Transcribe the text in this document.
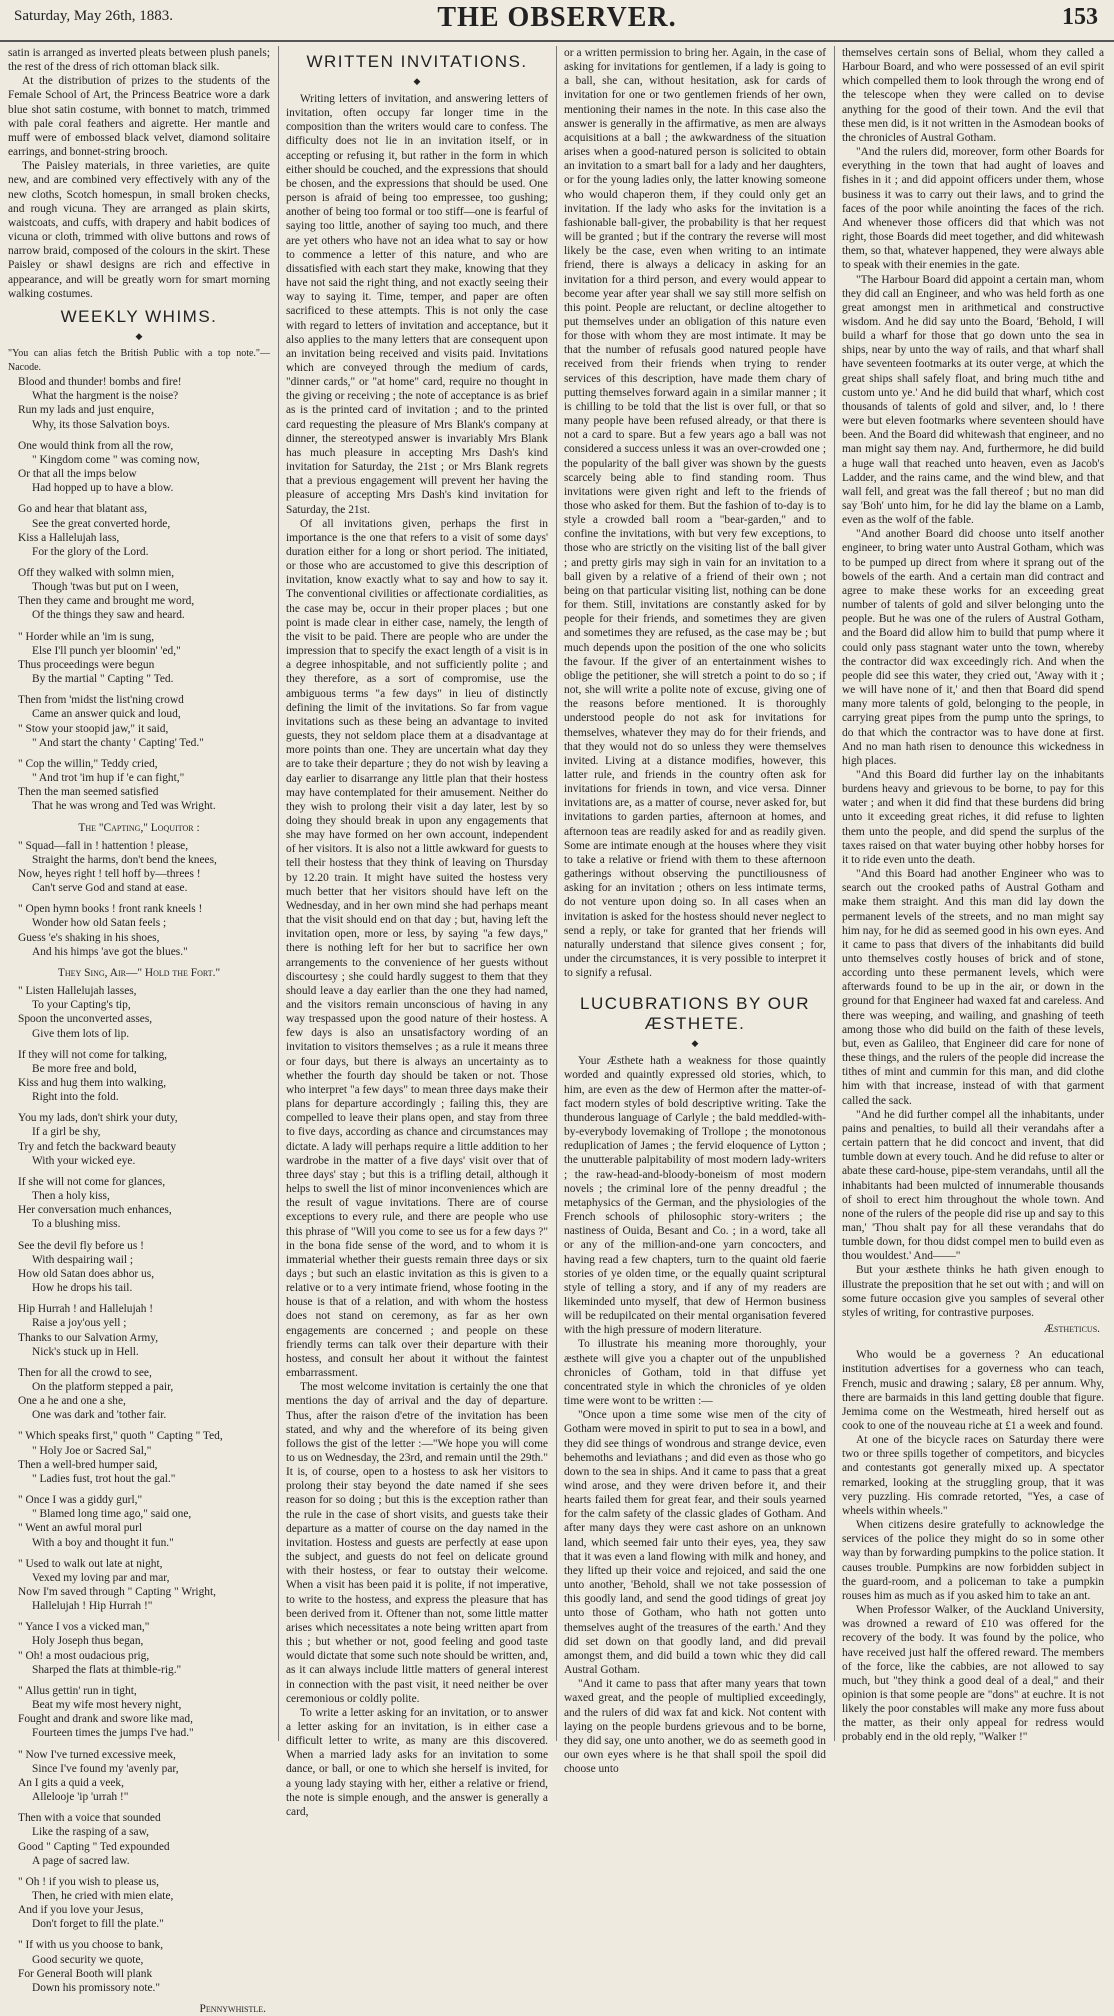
Saturday, May 26th, 1883.	THE OBSERVER.	153

satin is arranged as inverted pleats between plush panels; the rest of the dress of rich ottoman black silk.

At the distribution of prizes to the students of the Female School of Art, the Princess Beatrice wore a dark blue shot satin costume, with bonnet to match, trimmed with pale coral feathers and aigrette. Her mantle and muff were of embossed black velvet, diamond solitaire earrings, and bonnet-string brooch.

The Paisley materials, in three varieties, are quite new, and are combined very effectively with any of the new cloths, Scotch homespun, in small broken checks, and rough vicuna. They are arranged as plain skirts, waistcoats, and cuffs, with drapery and habit bodices of vicuna or cloth, trimmed with olive buttons and rows of narrow braid, composed of the colours in the skirt. These Paisley or shawl designs are rich and effective in appearance, and will be greatly worn for smart morning walking costumes.

WEEKLY WHIMS.
◆

"You can alias fetch the British Public with a top note."—Nacode.

Blood and thunder! bombs and fire!
What the hargment is the noise?
Run my lads and just enquire,
Why, its those Salvation boys.
One would think from all the row,
" Kingdom come " was coming now,
Or that all the imps below
Had hopped up to have a blow.
Go and hear that blatant ass,
See the great converted horde,
Kiss a Hallelujah lass,
For the glory of the Lord.
Off they walked with solmn mien,
Though 'twas but put on I ween,
Then they came and brought me word,
Of the things they saw and heard.
" Horder while an 'im is sung,
Else I'll punch yer bloomin' 'ed,"
Thus proceedings were begun
By the martial " Capting " Ted.
Then from 'midst the list'ning crowd
Came an answer quick and loud,
" Stow your stoopid jaw," it said,
" And start the chanty ' Capting' Ted."
" Cop the willin," Teddy cried,
" And trot 'im hup if 'e can fight,"
Then the man seemed satisfied
That he was wrong and Ted was Wright.
The "Capting," Loquitor :
" Squad—fall in ! hattention ! please,
Straight the harms, don't bend the knees,
Now, heyes right ! tell hoff by—threes !
Can't serve God and stand at ease.
" Open hymn books ! front rank kneels !
Wonder how old Satan feels ;
Guess 'e's shaking in his shoes,
And his himps 'ave got the blues."
They Sing, Air—" Hold the Fort."
" Listen Hallelujah lasses,
To your Capting's tip,
Spoon the unconverted asses,
Give them lots of lip.
If they will not come for talking,
Be more free and bold,
Kiss and hug them into walking,
Right into the fold.
You my lads, don't shirk your duty,
If a girl be shy,
Try and fetch the backward beauty
With your wicked eye.
If she will not come for glances,
Then a holy kiss,
Her conversation much enhances,
To a blushing miss.
See the devil fly before us !
With despairing wail ;
How old Satan does abhor us,
How he drops his tail.
Hip Hurrah ! and Hallelujah !
Raise a joy'ous yell ;
Thanks to our Salvation Army,
Nick's stuck up in Hell.
Then for all the crowd to see,
On the platform stepped a pair,
One a he and one a she,
One was dark and 'tother fair.
" Which speaks first," quoth " Capting " Ted,
" Holy Joe or Sacred Sal,"
Then a well-bred humper said,
" Ladies fust, trot hout the gal."
" Once I was a giddy gurl,"
" Blamed long time ago," said one,
" Went an awful moral purl
With a boy and thought it fun."
" Used to walk out late at night,
Vexed my loving par and mar,
Now I'm saved through " Capting " Wright,
Hallelujah ! Hip Hurrah !"
" Yance I vos a vicked man,"
Holy Joseph thus began,
" Oh! a most oudacious prig,
Sharped the flats at thimble-rig."
" Allus gettin' run in tight,
Beat my wife most hevery night,
Fought and drank and swore like mad,
Fourteen times the jumps I've had."
" Now I've turned excessive meek,
Since I've found my 'avenly par,
An I gits a quid a veek,
Allelooje 'ip 'urrah !"
Then with a voice that sounded
Like the rasping of a saw,
Good " Capting " Ted expounded
A page of sacred law.
" Oh ! if you wish to please us,
Then, he cried with mien elate,
And if you love your Jesus,
Don't forget to fill the plate."
" If with us you choose to bank,
Good security we quote,
For General Booth will plank
Down his promissory note."
Pennywhistle.
WRITTEN INVITATIONS.
◆

Writing letters of invitation, and answering letters of invitation, often occupy far longer time in the composition than the writers would care to confess. The difficulty does not lie in an invitation itself, or in accepting or refusing it, but rather in the form in which either should be couched, and the expressions that should be chosen, and the expressions that should be used. One person is afraid of being too empressee, too gushing; another of being too formal or too stiff—one is fearful of saying too little, another of saying too much, and there are yet others who have not an idea what to say or how to commence a letter of this nature, and who are dissatisfied with each start they make, knowing that they have not said the right thing, and not exactly seeing their way to saying it. Time, temper, and paper are often sacrificed to these attempts. This is not only the case with regard to letters of invitation and acceptance, but it also applies to the many letters that are consequent upon an invitation being received and visits paid. Invitations which are conveyed through the medium of cards, "dinner cards," or "at home" card, require no thought in the giving or receiving ; the note of acceptance is as brief as is the printed card of invitation ; and to the printed card requesting the pleasure of Mrs Blank's company at dinner, the stereotyped answer is invariably Mrs Blank has much pleasure in accepting Mrs Dash's kind invitation for Saturday, the 21st ; or Mrs Blank regrets that a previous engagement will prevent her having the pleasure of accepting Mrs Dash's kind invitation for Saturday, the 21st.

Of all invitations given, perhaps the first in importance is the one that refers to a visit of some days' duration either for a long or short period. The initiated, or those who are accustomed to give this description of invitation, know exactly what to say and how to say it. The conventional civilities or affectionate cordialities, as the case may be, occur in their proper places ; but one point is made clear in either case, namely, the length of the visit to be paid. There are people who are under the impression that to specify the exact length of a visit is in a degree inhospitable, and not sufficiently polite ; and they therefore, as a sort of compromise, use the ambiguous terms "a few days" in lieu of distinctly defining the limit of the invitations. So far from vague invitations such as these being an advantage to invited guests, they not seldom place them at a disadvantage at more points than one. They are uncertain what day they are to take their departure ; they do not wish by leaving a day earlier to disarrange any little plan that their hostess may have contemplated for their amusement. Neither do they wish to prolong their visit a day later, lest by so doing they should break in upon any engagements that she may have formed on her own account, independent of her visitors. It is also not a little awkward for guests to tell their hostess that they think of leaving on Thursday by 12.20 train. It might have suited the hostess very much better that her visitors should have left on the Wednesday, and in her own mind she had perhaps meant that the visit should end on that day ; but, having left the invitation open, more or less, by saying "a few days," there is nothing left for her but to sacrifice her own arrangements to the convenience of her guests without discourtesy ; she could hardly suggest to them that they should leave a day earlier than the one they had named, and the visitors remain unconscious of having in any way trespassed upon the good nature of their hostess. A few days is also an unsatisfactory wording of an invitation to visitors themselves ; as a rule it means three or four days, but there is always an uncertainty as to whether the fourth day should be taken or not. Those who interpret "a few days" to mean three days make their plans for departure accordingly ; failing this, they are compelled to leave their plans open, and stay from three to five days, according as chance and circumstances may dictate. A lady will perhaps require a little addition to her wardrobe in the matter of a five days' visit over that of three days' stay ; but this is a trifling detail, although it helps to swell the list of minor inconveniences which are the result of vague invitations. There are of course exceptions to every rule, and there are people who use this phrase of "Will you come to see us for a few days ?" in the bona fide sense of the word, and to whom it is immaterial whether their guests remain three days or six days ; but such an elastic invitation as this is given to a relative or to a very intimate friend, whose footing in the house is that of a relation, and with whom the hostess does not stand on ceremony, as far as her own engagements are concerned ; and people on these friendly terms can talk over their departure with their hostess, and consult her about it without the faintest embarrassment.

The most welcome invitation is certainly the one that mentions the day of arrival and the day of departure. Thus, after the raison d'etre of the invitation has been stated, and why and the wherefore of its being given follows the gist of the letter :—"We hope you will come to us on Wednesday, the 23rd, and remain until the 29th." It is, of course, open to a hostess to ask her visitors to prolong their stay beyond the date named if she sees reason for so doing ; but this is the exception rather than the rule in the case of short visits, and guests take their departure as a matter of course on the day named in the invitation. Hostess and guests are perfectly at ease upon the subject, and guests do not feel on delicate ground with their hostess, or fear to outstay their welcome. When a visit has been paid it is polite, if not imperative, to write to the hostess, and express the pleasure that has been derived from it. Oftener than not, some little matter arises which necessitates a note being written apart from this ; but whether or not, good feeling and good taste would dictate that some such note should be written, and, as it can always include little matters of general interest in connection with the past visit, it need neither be over ceremonious or coldly polite.

To write a letter asking for an invitation, or to answer a letter asking for an invitation, is in either case a difficult letter to write, as many are this discovered. When a married lady asks for an invitation to some dance, or ball, or one to which she herself is invited, for a young lady staying with her, either a relative or friend, the note is simple enough, and the answer is generally a card,

or a written permission to bring her. Again, in the case of asking for invitations for gentlemen, if a lady is going to a ball, she can, without hesitation, ask for cards of invitation for one or two gentlemen friends of her own, mentioning their names in the note. In this case also the answer is generally in the affirmative, as men are always acquisitions at a ball ; the awkwardness of the situation arises when a good-natured person is solicited to obtain an invitation to a smart ball for a lady and her daughters, or for the young ladies only, the latter knowing someone who would chaperon them, if they could only get an invitation. If the lady who asks for the invitation is a fashionable ball-giver, the probability is that her request will be granted ; but if the contrary the reverse will most likely be the case, even when writing to an intimate friend, there is always a delicacy in asking for an invitation for a third person, and every would appear to become year after year shall we say still more selfish on this point. People are reluctant, or decline altogether to put themselves under an obligation of this nature even for those with whom they are most intimate. It may be that the number of refusals good natured people have received from their friends when trying to render services of this description, have made them chary of putting themselves forward again in a similar manner ; it is chilling to be told that the list is over full, or that so many people have been refused already, or that there is not a card to spare. But a few years ago a ball was not considered a success unless it was an over-crowded one ; the popularity of the ball giver was shown by the guests scarcely being able to find standing room. Thus invitations were given right and left to the friends of those who asked for them. But the fashion of to-day is to style a crowded ball room a "bear-garden," and to confine the invitations, with but very few exceptions, to those who are strictly on the visiting list of the ball giver ; and pretty girls may sigh in vain for an invitation to a ball given by a relative of a friend of their own ; not being on that particular visiting list, nothing can be done for them. Still, invitations are constantly asked for by people for their friends, and sometimes they are given and sometimes they are refused, as the case may be ; but much depends upon the position of the one who solicits the favour. If the giver of an entertainment wishes to oblige the petitioner, she will stretch a point to do so ; if not, she will write a polite note of excuse, giving one of the reasons before mentioned. It is thoroughly understood people do not ask for invitations for themselves, whatever they may do for their friends, and that they would not do so unless they were themselves invited. Living at a distance modifies, however, this latter rule, and friends in the country often ask for invitations for friends in town, and vice versa. Dinner invitations are, as a matter of course, never asked for, but invitations to garden parties, afternoon at homes, and afternoon teas are readily asked for and as readily given. Some are intimate enough at the houses where they visit to take a relative or friend with them to these afternoon gatherings without observing the punctiliousness of asking for an invitation ; others on less intimate terms, do not venture upon doing so. In all cases when an invitation is asked for the hostess should never neglect to send a reply, or take for granted that her friends will naturally understand that silence gives consent ; for, under the circumstances, it is very possible to interpret it to signify a refusal.

LUCUBRATIONS BY OUR ÆSTHETE.
◆

Your Æsthete hath a weakness for those quaintly worded and quaintly expressed old stories, which, to him, are even as the dew of Hermon after the matter-of-fact modern styles of bold descriptive writing. Take the thunderous language of Carlyle ; the bald meddled-with-by-everybody lovemaking of Trollope ; the monotonous reduplication of James ; the fervid eloquence of Lytton ; the unutterable palpitability of most modern lady-writers ; the raw-head-and-bloody-boneism of most modern novels ; the criminal lore of the penny dreadful ; the metaphysics of the German, and the physiologies of the French schools of philosophic story-writers ; the nastiness of Ouida, Besant and Co. ; in a word, take all or any of the million-and-one yarn concocters, and having read a few chapters, turn to the quaint old faerie stories of ye olden time, or the equally quaint scriptural style of telling a story, and if any of my readers are likeminded unto myself, that dew of Hermon business will be redupilcated on their mental organisation fevered with the high pressure of modern literature.

To illustrate his meaning more thoroughly, your æsthete will give you a chapter out of the unpublished chronicles of Gotham, told in that diffuse yet concentrated style in which the chronicles of ye olden time were wont to be written :—

"Once upon a time some wise men of the city of Gotham were moved in spirit to put to sea in a bowl, and they did see things of wondrous and strange device, even behemoths and leviathans ; and did even as those who go down to the sea in ships. And it came to pass that a great wind arose, and they were driven before it, and their hearts failed them for great fear, and their souls yearned for the calm safety of the classic glades of Gotham. And after many days they were cast ashore on an unknown land, which seemed fair unto their eyes, yea, they saw that it was even a land flowing with milk and honey, and they lifted up their voice and rejoiced, and said the one unto another, 'Behold, shall we not take possession of this goodly land, and send the good tidings of great joy unto those of Gotham, who hath not gotten unto themselves aught of the treasures of the earth.' And they did set down on that goodly land, and did prevail amongst them, and did build a town whic they did call Austral Gotham.

"And it came to pass that after many years that town waxed great, and the people of multiplied exceedingly, and the rulers of did wax fat and kick. Not content with laying on the people burdens grievous and to be borne, they did say, one unto another, we do as seemeth good in our own eyes where is he that shall spoil the spoil did choose unto

themselves certain sons of Belial, whom they called a Harbour Board, and who were possessed of an evil spirit which compelled them to look through the wrong end of the telescope when they were called on to devise anything for the good of their town. And the evil that these men did, is it not written in the Asmodean books of the chronicles of Austral Gotham.

"And the rulers did, moreover, form other Boards for everything in the town that had aught of loaves and fishes in it ; and did appoint officers under them, whose business it was to carry out their laws, and to grind the faces of the poor while anointing the faces of the rich. And whenever those officers did that which was not right, those Boards did meet together, and did whitewash them, so that, whatever happened, they were always able to speak with their enemies in the gate.

"The Harbour Board did appoint a certain man, whom they did call an Engineer, and who was held forth as one great amongst men in arithmetical and constructive wisdom. And he did say unto the Board, 'Behold, I will build a wharf for those that go down unto the sea in ships, near by unto the way of rails, and that wharf shall have seventeen footmarks at its outer verge, at which the great ships shall safely float, and bring much tithe and custom unto ye.' And he did build that wharf, which cost thousands of talents of gold and silver, and, lo ! there were but eleven footmarks where seventeen should have been. And the Board did whitewash that engineer, and no man might say them nay. And, furthermore, he did build a huge wall that reached unto heaven, even as Jacob's Ladder, and the rains came, and the wind blew, and that wall fell, and great was the fall thereof ; but no man did say 'Boh' unto him, for he did lay the blame on a Lamb, even as the wolf of the fable.

"And another Board did choose unto itself another engineer, to bring water unto Austral Gotham, which was to be pumped up direct from where it sprang out of the bowels of the earth. And a certain man did contract and agree to make these works for an exceeding great number of talents of gold and silver belonging unto the people. But he was one of the rulers of Austral Gotham, and the Board did allow him to build that pump where it could only pass stagnant water unto the town, whereby the contractor did wax exceedingly rich. And when the people did see this water, they cried out, 'Away with it ; we will have none of it,' and then that Board did spend many more talents of gold, belonging to the people, in carrying great pipes from the pump unto the springs, to do that which the contractor was to have done at first. And no man hath risen to denounce this wickedness in high places.

"And this Board did further lay on the inhabitants burdens heavy and grievous to be borne, to pay for this water ; and when it did find that these burdens did bring unto it exceeding great riches, it did refuse to lighten them unto the people, and did spend the surplus of the taxes raised on that water buying other hobby horses for it to ride even unto the death.

"And this Board had another Engineer who was to search out the crooked paths of Austral Gotham and make them straight. And this man did lay down the permanent levels of the streets, and no man might say him nay, for he did as seemed good in his own eyes. And it came to pass that divers of the inhabitants did build unto themselves costly houses of brick and of stone, according unto these permanent levels, which were afterwards found to be up in the air, or down in the ground for that Engineer had waxed fat and careless. And there was weeping, and wailing, and gnashing of teeth among those who did build on the faith of these levels, but, even as Galileo, that Engineer did care for none of these things, and the rulers of the people did increase the tithes of mint and cummin for this man, and did clothe him with that increase, instead of with that garment called the sack.

"And he did further compel all the inhabitants, under pains and penalties, to build all their verandahs after a certain pattern that he did concoct and invent, that did tumble down at every touch. And he did refuse to alter or abate these card-house, pipe-stem verandahs, until all the inhabitants had been mulcted of innumerable thousands of shoil to erect him throughout the whole town. And none of the rulers of the people did rise up and say to this man,' 'Thou shalt pay for all these verandahs that do tumble down, for thou didst compel men to build even as thou wouldest.' And——"

But your æsthete thinks he hath given enough to illustrate the preposition that he set out with ; and will on some future occasion give you samples of several other styles of writing, for contrastive purposes.

Æstheticus.

Who would be a governess ? An educational institution advertises for a governess who can teach, French, music and drawing ; salary, £8 per annum. Why, there are barmaids in this land getting double that figure. Jemima come on the Westmeath, hired herself out as cook to one of the nouveau riche at £1 a week and found.

At one of the bicycle races on Saturday there were two or three spills together of competitors, and bicycles and contestants got generally mixed up. A spectator remarked, looking at the struggling group, that it was very puzzling. His comrade retorted, "Yes, a case of wheels within wheels."

When citizens desire gratefully to acknowledge the services of the police they might do so in some other way than by forwarding pumpkins to the police station. It causes trouble. Pumpkins are now forbidden subject in the guard-room, and a policeman to take a pumpkin rouses him as much as if you asked him to take an ant.

When Professor Walker, of the Auckland University, was drowned a reward of £10 was offered for the recovery of the body. It was found by the police, who have received just half the offered reward. The members of the force, like the cabbies, are not allowed to say much, but "they think a good deal of a deal," and their opinion is that some people are "dons" at euchre. It is not likely the poor constables will make any more fuss about the matter, as their only appeal for redress would probably end in the old reply, "Walker !"
